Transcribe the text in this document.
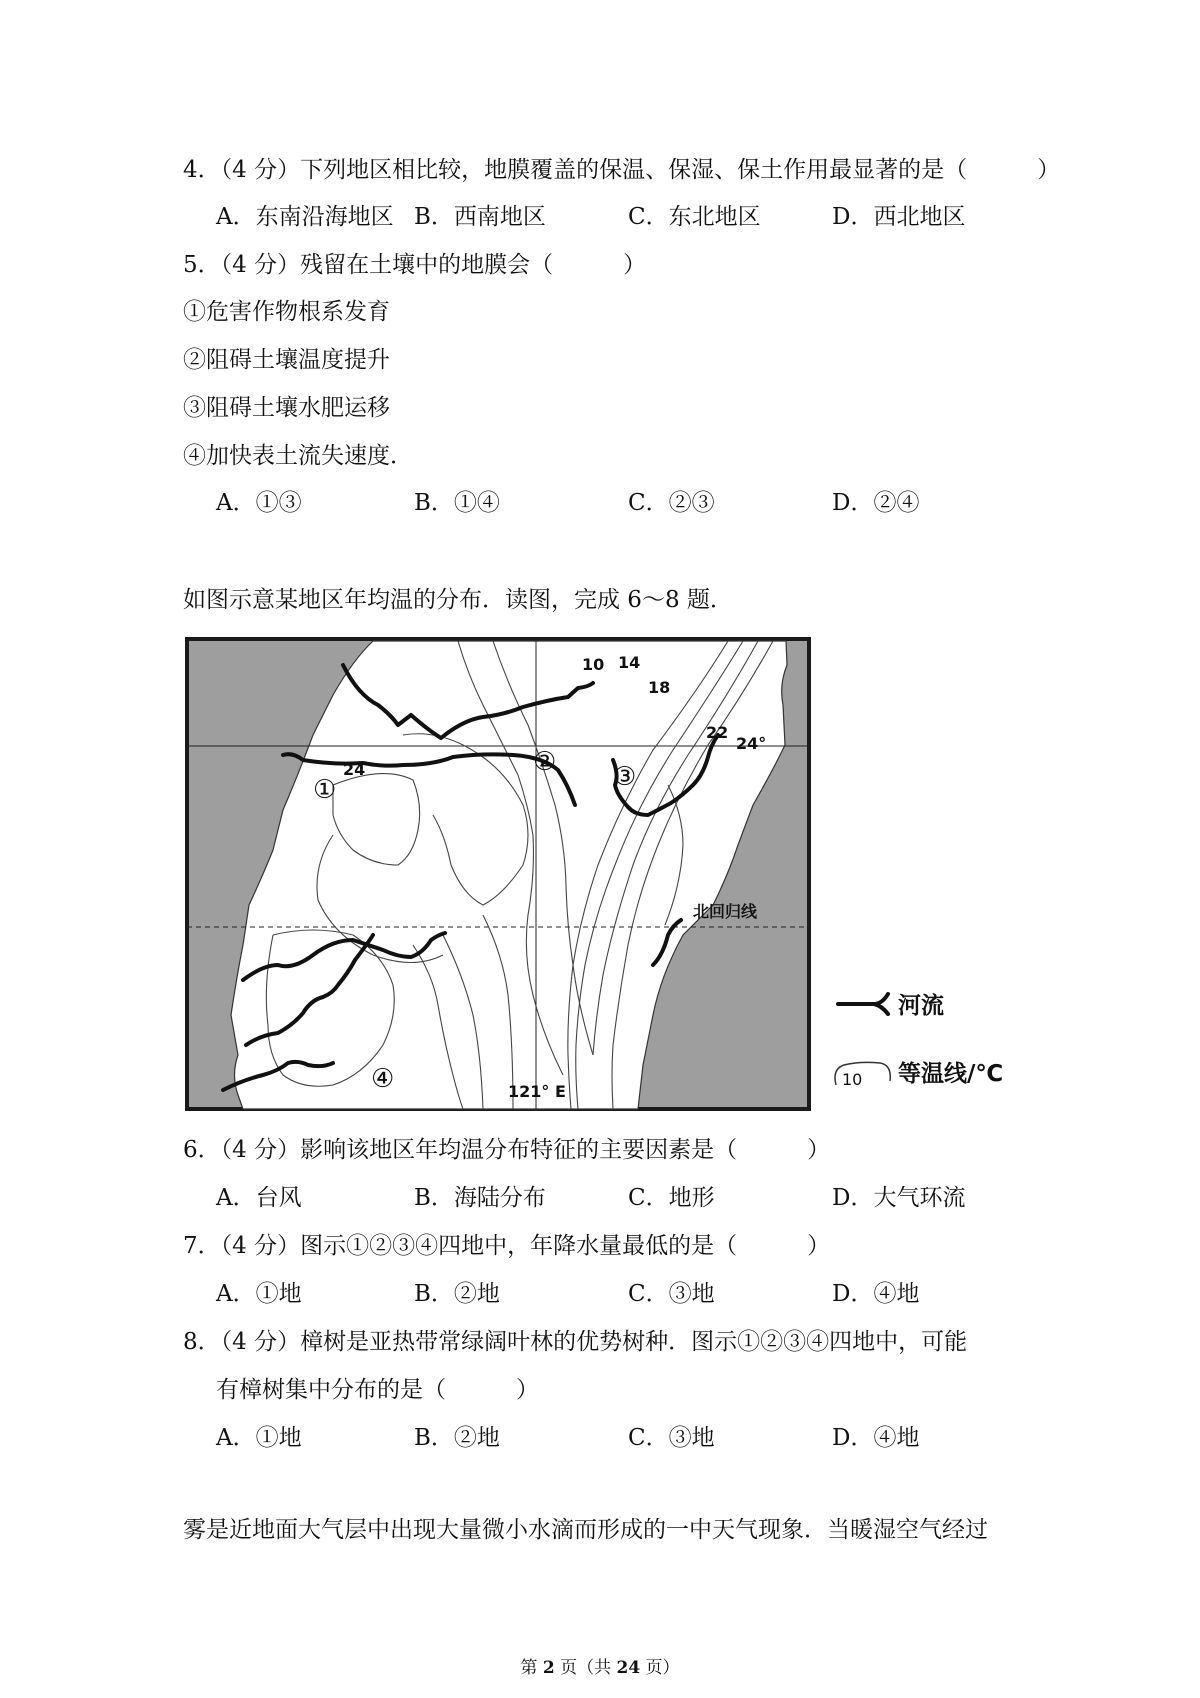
4．（4 分）下列地区相比较，地膜覆盖的保温、保湿、保土作用最显著的是（	）
A．东南沿海地区 B．西南地区	C．东北地区	D．西北地区
5．（4 分）残留在土壤中的地膜会（	）
①危害作物根系发育
②阻碍土壤温度提升
③阻碍土壤水肥运移
④加快表土流失速度．
A．①③	B．①④	C．②③	D．②④
如图示意某地区年均温的分布．读图，完成 6～8 题．
10 14
18
22
24
24°
北回归线
121° E
①
② ③
④
河流
10 等温线/℃
6．（4 分）影响该地区年均温分布特征的主要因素是（	）
A．台风	B．海陆分布	C．地形	D．大气环流
7．（4 分）图示①②③④四地中，年降水量最低的是（	）
A．①地	B．②地	C．③地	D．④地
8．（4 分）樟树是亚热带常绿阔叶林的优势树种．图示①②③④四地中，可能
有樟树集中分布的是（	）
A．①地	B．②地	C．③地	D．④地
雾是近地面大气层中出现大量微小水滴而形成的一中天气现象．当暖湿空气经过
第 2 页（共 24 页）
